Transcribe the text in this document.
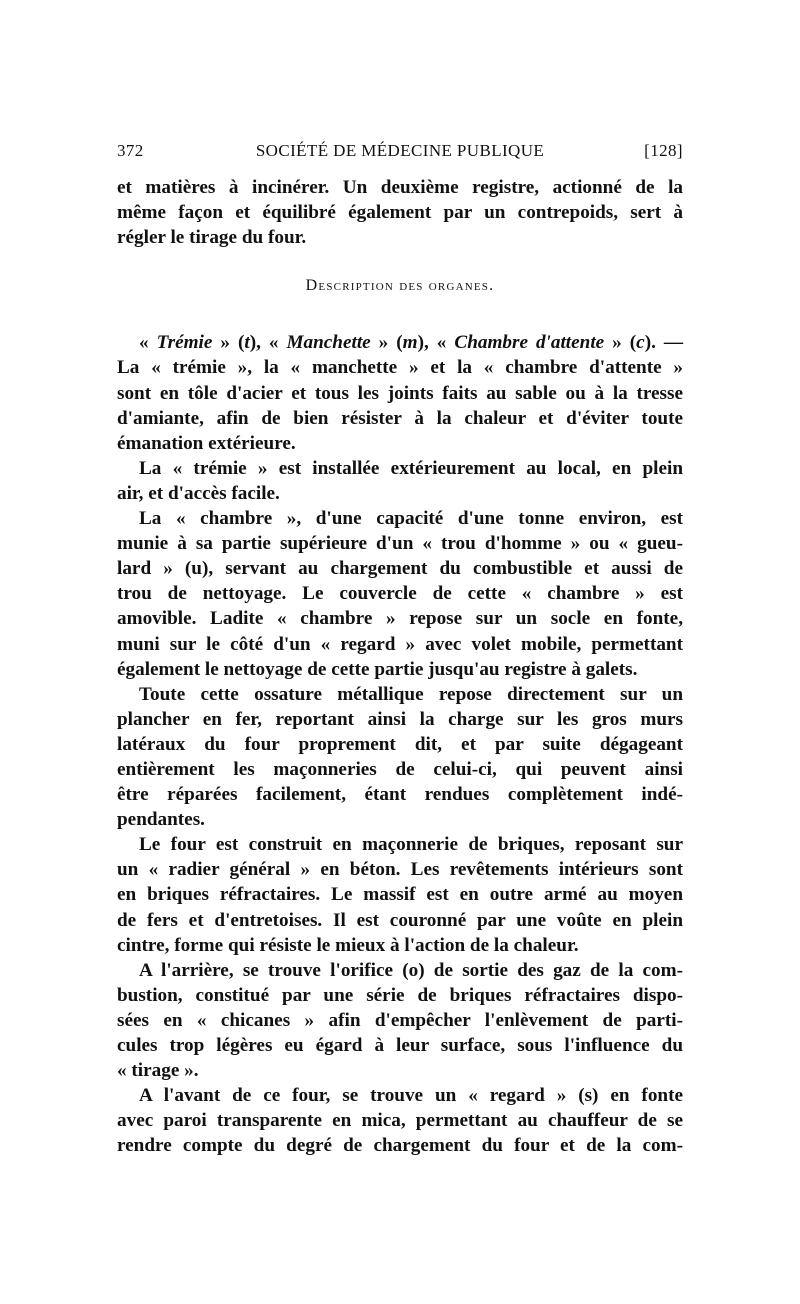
372	SOCIÉTÉ DE MÉDECINE PUBLIQUE	[128]

et matières à incinérer. Un deuxième registre, actionné de la

même façon et équilibré également par un contrepoids, sert à

régler le tirage du four.

Description des organes.

« Trémie » (t), « Manchette » (m), « Chambre d'attente » (c). —

La « trémie », la « manchette » et la « chambre d'attente »

sont en tôle d'acier et tous les joints faits au sable ou à la tresse

d'amiante, afin de bien résister à la chaleur et d'éviter toute

émanation extérieure.

La « trémie » est installée extérieurement au local, en plein

air, et d'accès facile.

La « chambre », d'une capacité d'une tonne environ, est

munie à sa partie supérieure d'un « trou d'homme » ou « gueu-

lard » (u), servant au chargement du combustible et aussi de

trou de nettoyage. Le couvercle de cette « chambre » est

amovible. Ladite « chambre » repose sur un socle en fonte,

muni sur le côté d'un « regard » avec volet mobile, permettant

également le nettoyage de cette partie jusqu'au registre à galets.

Toute cette ossature métallique repose directement sur un

plancher en fer, reportant ainsi la charge sur les gros murs

latéraux du four proprement dit, et par suite dégageant

entièrement les maçonneries de celui-ci, qui peuvent ainsi

être réparées facilement, étant rendues complètement indé-

pendantes.

Le four est construit en maçonnerie de briques, reposant sur

un « radier général » en béton. Les revêtements intérieurs sont

en briques réfractaires. Le massif est en outre armé au moyen

de fers et d'entretoises. Il est couronné par une voûte en plein

cintre, forme qui résiste le mieux à l'action de la chaleur.

A l'arrière, se trouve l'orifice (o) de sortie des gaz de la com-

bustion, constitué par une série de briques réfractaires dispo-

sées en « chicanes » afin d'empêcher l'enlèvement de parti-

cules trop légères eu égard à leur surface, sous l'influence du

« tirage ».

A l'avant de ce four, se trouve un « regard » (s) en fonte

avec paroi transparente en mica, permettant au chauffeur de se

rendre compte du degré de chargement du four et de la com-
